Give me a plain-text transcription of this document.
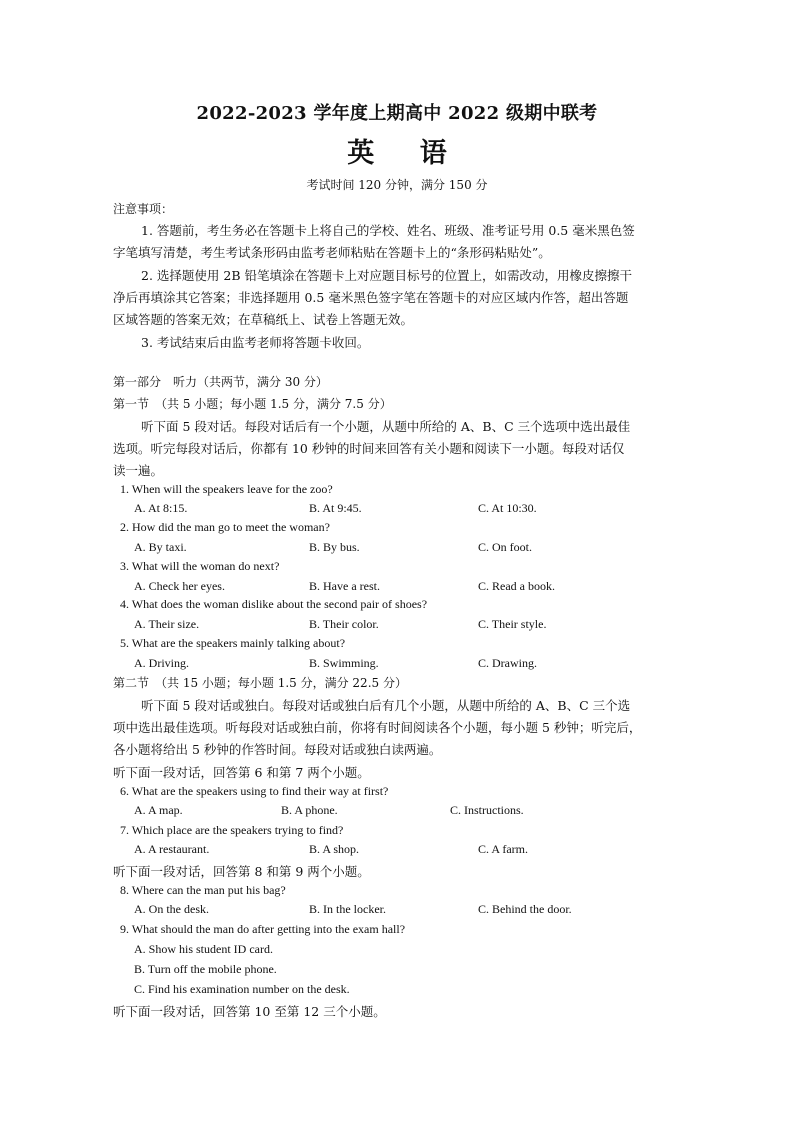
2022-2023 学年度上期高中 2022 级期中联考
英 语
考试时间 120 分钟，满分 150 分
注意事项：
1. 答题前，考生务必在答题卡上将自己的学校、姓名、班级、准考证号用 0.5 毫米黑色签
字笔填写清楚，考生考试条形码由监考老师粘贴在答题卡上的“条形码粘贴处”。
2. 选择题使用 2B 铅笔填涂在答题卡上对应题目标号的位置上，如需改动，用橡皮擦擦干
净后再填涂其它答案；非选择题用 0.5 毫米黑色签字笔在答题卡的对应区域内作答，超出答题
区域答题的答案无效；在草稿纸上、试卷上答题无效。
3. 考试结束后由监考老师将答题卡收回。
第一部分　听力（共两节，满分 30 分）
第一节　（共 5 小题；每小题 1.5 分，满分 7.5 分）
听下面 5 段对话。每段对话后有一个小题，从题中所给的 A、B、C 三个选项中选出最佳
选项。听完每段对话后，你都有 10 秒钟的时间来回答有关小题和阅读下一小题。每段对话仅
读一遍。
1. When will the speakers leave for the zoo?
A. At 8:15.	B. At 9:45.	C. At 10:30.
2. How did the man go to meet the woman?
A. By taxi.	B. By bus.	C. On foot.
3. What will the woman do next?
A. Check her eyes.	B. Have a rest.	C. Read a book.
4. What does the woman dislike about the second pair of shoes?
A. Their size.	B. Their color.	C. Their style.
5. What are the speakers mainly talking about?
A. Driving.	B. Swimming.	C. Drawing.
第二节　（共 15 小题；每小题 1.5 分，满分 22.5 分）
听下面 5 段对话或独白。每段对话或独白后有几个小题，从题中所给的 A、B、C 三个选
项中选出最佳选项。听每段对话或独白前，你将有时间阅读各个小题，每小题 5 秒钟；听完后，
各小题将给出 5 秒钟的作答时间。每段对话或独白读两遍。
听下面一段对话，回答第 6 和第 7 两个小题。
6. What are the speakers using to find their way at first?
A. A map.	B. A phone.	C. Instructions.
7. Which place are the speakers trying to find?
A. A restaurant.	B. A shop.	C. A farm.
听下面一段对话，回答第 8 和第 9 两个小题。
8. Where can the man put his bag?
A. On the desk.	B. In the locker.	C. Behind the door.
9. What should the man do after getting into the exam hall?
A. Show his student ID card.
B. Turn off the mobile phone.
C. Find his examination number on the desk.
听下面一段对话，回答第 10 至第 12 三个小题。
